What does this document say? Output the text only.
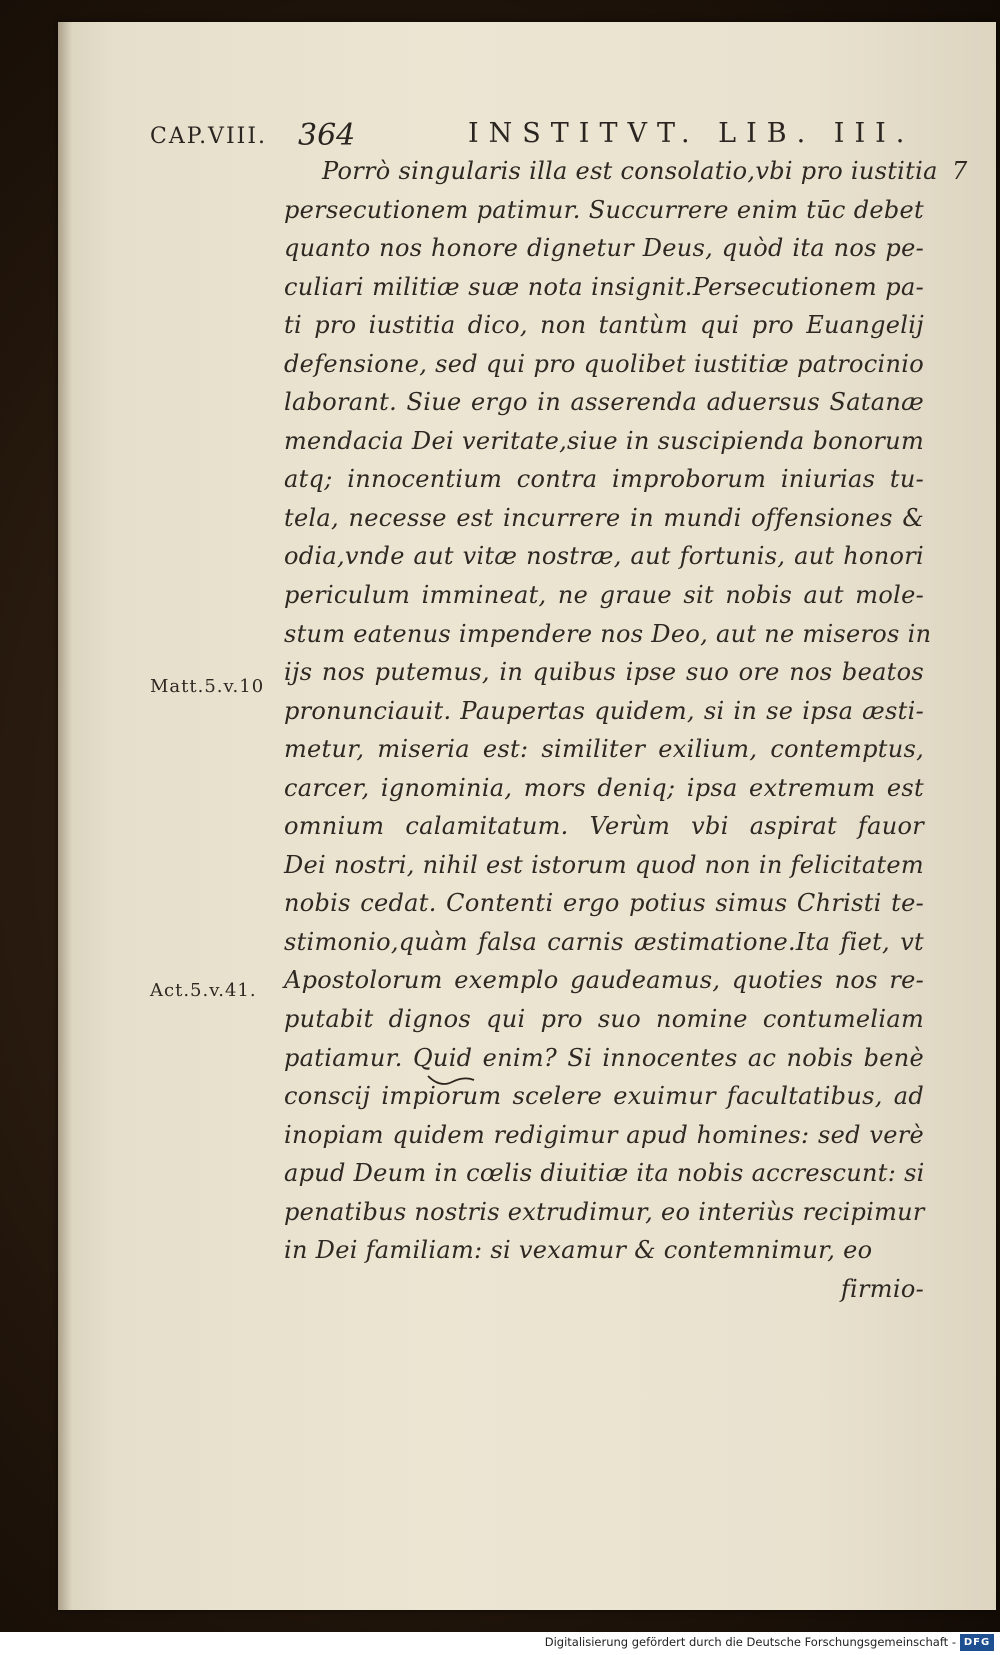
CAP.VIII. 364	INSTITVT. LIB. III.
7
Matt.5.v.10
Act.5.v.41.
Porrò singularis illa est consolatio,vbi pro iustitia
persecutionem patimur. Succurrere enim tūc debet
quanto nos honore dignetur Deus, quòd ita nos pe-
culiari militiæ suæ nota insignit.Persecutionem pa-
ti pro iustitia dico, non tantùm qui pro Euangelij
defensione, sed qui pro quolibet iustitiæ patrocinio
laborant. Siue ergo in asserenda aduersus Satanæ
mendacia Dei veritate,siue in suscipienda bonorum
atq; innocentium contra improborum iniurias tu-
tela, necesse est incurrere in mundi offensiones &
odia,vnde aut vitæ nostræ, aut fortunis, aut honori
periculum immineat, ne graue sit nobis aut mole-
stum eatenus impendere nos Deo, aut ne miseros in
ijs nos putemus, in quibus ipse suo ore nos beatos
pronunciauit. Paupertas quidem, si in se ipsa æsti-
metur, miseria est: similiter exilium, contemptus,
carcer, ignominia, mors deniq; ipsa extremum est
omnium calamitatum. Verùm vbi aspirat fauor
Dei nostri, nihil est istorum quod non in felicitatem
nobis cedat. Contenti ergo potius simus Christi te-
stimonio,quàm falsa carnis æstimatione.Ita fiet, vt
Apostolorum exemplo gaudeamus, quoties nos re-
putabit dignos qui pro suo nomine contumeliam
patiamur. Quid enim? Si innocentes ac nobis benè
conscij impiorum scelere exuimur facultatibus, ad
inopiam quidem redigimur apud homines: sed verè
apud Deum in cœlis diuitiæ ita nobis accrescunt: si
penatibus nostris extrudimur, eo interiùs recipimur
in Dei familiam: si vexamur & contemnimur, eo
firmio-
Digitalisierung gefördert durch die Deutsche Forschungsgemeinschaft - DFG
